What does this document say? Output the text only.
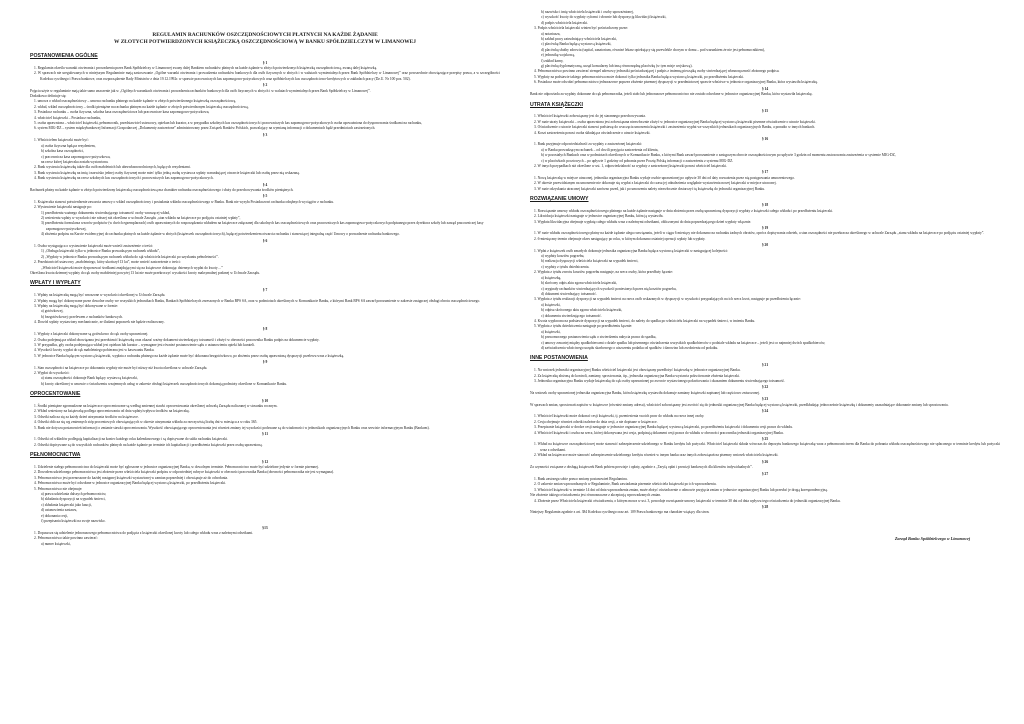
REGULAMIN RACHUNKÓW OSZCZĘDNOŚCIOWYCH PŁATNYCH NA KAŻDE ŻĄDANIE
W ZŁOTYCH POTWIERDZONYCH KSIĄŻECZKĄ OSZCZĘDNOŚCIOWĄ W BANKU SPÓŁDZIELCZYM W LIMANOWEJ
POSTANOWIENIA OGÓLNE
§ 1

1. Regulamin określa warunki otwierania i prowadzenia przez Bank Spółdzielczy w Limanowej zwany dalej Bankiem rachunków płatnych na każde żądanie w złotych potwierdzonych książeczką oszczędnościową, zwaną dalej książeczką.

2. W sprawach nie uregulowanych w niniejszym Regulaminie mają zastosowanie „Ogólne warunki otwierania i prowadzenia rachunków bankowych dla osób fizycznych w złotych i w walutach wymienialnych przez Bank Spółdzielczy w Limanowej” oraz powszechnie obowiązujące przepisy prawa, a w szczególności Kodeksu cywilnego i Prawa bankowe, oraz rozporządzenie Rady Ministrów z dnia 19.12.1992r. w sprawie pracowniczych kas zapomogowo-pożyczkowych oraz spółdzielczych kas oszczędnościowo-kredytowych w zakładach pracy (Dz.U. Nr 100 poz. 502).

§ 2

Pojęcia użyte w regulaminie mają takie samo znaczenie jak w „Ogólnych warunkach otwierania i prowadzenia rachunków bankowych dla osób fizycznych w złotych i w walutach wymienialnych przez Bank Spółdzielczy w Limanowej”.

Dodatkowo definiuje się:

1. umowa o wkład oszczędnościowy – umowa rachunku płatnego na każde żądanie w złotych potwierdzonego książeczką oszczędnościową,

2. wkład, wkład oszczędnościowy – środki pieniężne na rachunku płatnym na każde żądanie w złotych potwierdzonym książeczką oszczędnościową,

3. Posiadacz rachunku – osoba fizyczna, szkolna kasa oszczędnościowa lub pracownicze kasa zapomogowo-pożyczkowa,

4. właściciel książeczki – Posiadacz rachunku,

5. osoba uprawniona – właściciel książeczki, pełnomocnik, przedstawiciel ustawowy, opiekun lub kurator, a w przypadku szkolnych kas oszczędnościowych i pracowniczych kas zapomogowo-pożyczkowych osoba upoważniona do dysponowania środkami na rachunku,

6. system MIG-DZ – system międzybankowej Informacji Gospodarczej „Dokumenty zastrzeżone” administrowany przez Związek Banków Polskich, pozwalający na wymianę informacji o dokumentach bądź przedmiotach zastrzeżonych.

§ 3

1. Właścicielem książeczki może być:

a) osoba fizyczna będąca rezydentem,

b) szkolna kasa oszczędności,

c) pracownicza kasa zapomogowo-pożyczkowa,

na rzecz której książeczka została wystawiona.

2. Bank wystawia książeczkę także dla osób małoletnich lub ubezwłasnowolnionych, będących rezydentami.

3. Bank wystawia książeczkę na imię i nazwisko jednej osoby fizycznej może mieć tylko jedną osobę wystawca wpłaty warunkującej otwarcie książeczki lub osobę przez nią wskazaną.

4. Bank wystawia książeczkę na rzecz szkolnych kas oszczędnościowych i pracowniczych kas zapomogowo-pożyczkowych.

§ 4

Rachunek płatny na każde żądanie w złotych potwierdzony książeczką oszczędnościową ma charakter rachunku oszczędnościowego i służy do przechowywania środków pieniężnych.

§ 5

1. Książeczka stanowi potwierdzenie zawarcia umowy o wkład oszczędnościowy i posiadania wkładu oszczędnościowego w Banku. Bank nie wysyła Posiadaczowi rachunku odrębnych wyciągów z rachunku.

2. Wystawienie książeczki następuje po:

1) przedłożeniu ważnego dokumentu stwierdzającego tożsamość osoby wnoszącej wkład,

2) wniesieniu wpłaty w wysokości nie niższej niż określona w uchwale Zarządu „stan wkładu na książeczce po podjęciu ostatniej wpłaty”,

3) przedłożeniu formularza wzorów podpisów (w dwóch egzemplarzach) osób uprawnionych do rozporządzania wkładem na książeczce załączanej dla szkolnych kas oszczędnościowych oraz pracowniczych kas zapomogowo-pożyczkowych podpisanego przez dyrektora szkoły lub zarząd pracowniczej kasy zapomogowo-pożyczkowej,

4) złożenia podpisu na Karcie ewidencyjnej do rachunku płatnych na każde żądanie w złotych (książeczek oszczędnościowych), będącej potwierdzeniem otwarcia rachunku i stanowiącej integralną część Umowy o prowadzenie rachunku bankowego.

§ 6

1. Osoba występująca o wystawienie książeczki może wnieść zastrzeżenie o treści:

1) „Obsługa książeczki tylko w jednostce Banku prowadzącym rachunek wkładu”,

2) „Wypłaty w jednostce Banku prowadzącym rachunek wkładu do rąk właściciela książeczki po uzyskaniu pełnoletności”.

2. Przedstawiciel ustawowy „małoletniego, który ukończył 13 lat”, może wnieść zastrzeżenie o treści:

„Właściciel książeczki może dysponować środkami znajdującymi się na książeczce dokonując dziennych wypłat do kwoty…”

Określona kwota dziennej wypłaty do rąk osoby małoletniej powyżej 13 lat nie może przekroczyć wysokości kwoty maksymalnej podanej w Uchwale Zarządu.

WPŁATY I WYPŁATY
§ 7

1. Wpłaty na książeczkę mogą być wnoszone w wysokości określonej w Uchwale Zarządu.

2. Wpłaty mogą być dokonywane przez dowolne osoby we wszystkich jednostkach Banku, Bankach Spółdzielczych zrzeszonych w Banku BPS SA, oraz w podmiotach określonych w Komunikacie Banku, z którymi Bank BPS SA zawarł porozumienie w zakresie zastępczej obsługi obrotu oszczędnościowego.

3. Wpłaty na książeczkę mogą być dokonywane w formie:

a) gotówkowej,

b) bezgotówkowej: przelewem z rachunków bankowych.

4. Dowód wpłaty wystawiony mechanicznie, ze śladami poprawek nie będzie realizowany.

§ 8

1. Wypłaty z książeczki dokonywane są gotówkowo do rąk osoby uprawnionej.

2. Osoba podejmująca wkład obowiązana jest przedstawić książeczkę oraz okazać ważny dokument stwierdzający tożsamość i złożyć w obecności pracownika Banku podpis na dokumencie wypłaty.

3. W przypadku, gdy osoba podejmująca wkład jest opiekun lub kurator – wymagane jest również postanowienie sądu o ustanowieniu opieki lub kurateli.

4. Wysokość kwoty wypłat do rąk małoletniego pobierana jest w kasowaniu Banku.

5. W jednostce Banku będącym wystawcą książeczki, wypłata z rachunku płatnego na każde żądanie może być dokonana bezgotówkowo, po złożeniu przez osobę uprawnioną dyspozycji przelewu wraz z książeczką.

§ 9

1. Stan oszczędności na książeczce po dokonaniu wypłaty nie może być niższy niż kwota określona w uchwale Zarządu.

2. Wypłat do wysokości:

a) stanu oszczędności dokonuje Bank będący wystawcą książeczki,

b) kwoty określonej w umowie o świadczeniu wzajemnych usług w zakresie obsługi książeczek oszczędnościowych dokonują podmioty określone w Komunikacie Banku.

OPROCENTOWANIE
§ 10

1. Środki pieniężne zgromadzone na książeczce oprocentowane są według zmiennej stawki oprocentowania określonej uchwałą Zarządu naliczanej w stosunku rocznym.

2. Wkład wniesiony na książeczkę podlega oprocentowaniu od dnia wpłaty/wpływu środków na książeczkę.

3. Odsetki nalicza się za każdy dzień utrzymania środków na książeczce.

4. Odsetki oblicza się wg zmiennych stóp procentowych obowiązujących w okresie utrzymania wkładu za rzeczywistą liczbę dni w miesiącu a w roku 365.

5. Bank nie dotycza postanowień informacji o zmianie stawki oprocentowania. Wysokość obowiązującego oprocentowania jest również zmiany tej wysokości podawane są do wiadomości w jednostkach organizacyjnych Banku oraz serwisie informacyjnym Banku (Bankom).

§ 11

1. Odsetki od wkładów podlegają kapitalizacji na koniec każdego roku kalendarzowego i są dopisywane do salda rachunku książeczki.

2. Odsetki dopisywane są do wszystkich rachunków płatnych na każde żądanie po terminie ich kapitalizacji i przedłożenia książeczki przez osobę uprawnioną.

PEŁNOMOCNICTWA
§ 12

1. Udzielenie stałego pełnomocnictwa do książeczki może być zgłoszone w jednostce organizacyjnej Banku, w dowolnym terminie. Pełnomocnictwo może być udzielone jedynie w formie pisemnej.

2. Dowodem udzielonego pełnomocnictwa jest złożenie przez właściciela książeczki podpisu w odpowiedniej rubryce książeczki w obecności pracownika Banku (obecności pełnomocnika nie jest wymagana).

3. Pełnomocnictwo jest przenoszone do każdej następnej książeczki wystawionej w zamian poprzedniej i obowiązuje aż do odwołania.

4. Pełnomocnictwo może być odwołane w jednostce organizacyjnej Banku będącej wystawcą książeczki, po przedłożeniu książeczki.

5. Pełnomocnictwo nie obejmuje:

a) prawa udzielania dalszych pełnomocnictw,

b) składania dyspozycji na wypadek śmierci,

c) składania książeczki jako kaucji,

d) ustanowienia zastawu,

e) dokonania cesji,

f) przepisania książeczki na swoje nazwisko.

§13

1. Dopuszcza się udzielenie jednorazowego pełnomocnictwa do podjęcia z książeczki określonej kwoty lub całego wkładu wraz z należnymi odsetkami.

2. Pełnomocnictwo takie powinno zawierać:

a) numer książeczki,

b) nazwisko i imię właściciela książeczki i osoby upoważnionej,

c) wysokość kwoty do wypłaty cyframi i słownie lub dyspozycję likwidacji książeczki,

d) podpis właściciela książeczki.

3. Podpis właściciela książeczki winien być poświadczony przez:

a) notariusza,

b) zakład pracy zatrudniający właściciela książeczki,

c) placówkę Banku będącą wystawcą książeczki,

d) placówkę służby zdrowia (szpital, sanatorium, również lekarz opiekujący się przewlekle chorym w domu – pod warunkiem że nie jest pełnomocnikiem),

e) jednostkę wojskową,

f) zakład karny,

g) placówkę dyplomatyczną, urząd konsularny lub inną równorzędną placówkę (w tym misje wojskową).

4. Pełnomocnictwo powinno zawierać stempel adresowy jednostki poświadczającej i podpis z imienną pieczątką osoby stwierdzającej własnoręczność złożonego podpisu.

5. Wypłaty na podstawie takiego pełnomocnictwa może dokonać tylko jednostka Banku będąca wystawcą książeczki, po przedłożeniu książeczki.

6. Posiadacz może odwołać pełnomocnictwo jednorazowe poprzez złożenie pisemnej dyspozycji w przedmiotowej sprawie właściwe w jednostce organizacyjnej Banku, która wystawiła książeczkę.

§ 14

Bank nie odpowiada za wypłaty dokonane do rąk pełnomocnika, jeżeli stało lub jednorazowe pełnomocnictwo nie zostało odwołane w jednostce organizacyjnej Banku, która wystawiła książeczkę.

UTRATA KSIĄŻECZKI
§ 15

1. Właściciel książeczki zobowiązany jest do jej starannego przechowywania.

2. W razie utraty książeczki – osoba uprawniona jest zobowiązana niezwłocznie zlożyć w jednostce organizacyjnej Banku będącej wystawcą książeczki pisemne oświadczenie o utracie książeczki.

3. Oświadczenie o utracie książeczki stanowi podstawę do wszczęcia umorzenia książeczki i zastrzeżenia wypłat we wszystkich jednostkach organizacyjnych Banku, a ponadto w innych bankach.

4. Koszt zastrzeżenia ponosi osoba składająca oświadczenie o utracie książeczki.

§ 16

1. Bank przyjmuje odpowiedzialność za wypłaty z zastrzeżonej książeczki:

a) w Banku prowadzącym rachunek – od chwili przyjęcia zastrzeżenia od klienta,

b) w pozostałych Bankach oraz w podmiotach określonych w Komunikacie Banku, z którymi Bank zawarł porozumienie o zastępczym obrocie oszczędnościowym po upływie 3 godzin od momentu zastosowania zastrzeżenia w systemie MIG-DZ,

c) w placówkach pocztowych – po upływie 1 godziny od pobrania przez Pocztę Polską informacji o zastrzeżeniu z systemu MIG-DZ.

2. W innych przypadkach niż określone w ust. 1, odpowiedzialność za wypłaty z zastrzeżonej książeczki ponosi właściciel książeczki.

§ 17

1. Nową książeczkę w miejsce utraconej, jednostka organizacyjna Banku wydaje osobie uprawnionej po upływie 30 dni od daty rozważenia przez nią postępowania umorzeniowego.

2. W okresie przewidzianym na umorzenie nie dokonuje się wypłat z książeczki do czasu jej odnalezienia względnie wystawienia nowej książeczki w miejsce utraconej.

3. W razie odzyskania utraconej książeczki zarówno przed, jak i po umorzeniu należy niezwłocznie dostarczyć tę książeczkę do jednostki organizacyjnej Banku.

ROZWIĄZANIE UMOWY
§ 18

1. Rozwiązanie umowy wkładu oszczędnościowego płatnego na każde żądanie następuje w dniu złożenia przez osobę uprawnioną dyspozycji wypłaty z książeczki całego wkładu i po przedłożeniu książeczki.

2. Likwidacja książeczki następuje w jednostce organizacyjnej Banku, która ją wystawiła.

3. Wypłata likwidacyjna obejmuje wypłatę całego wkładu wraz z należnymi odsetkami, obliczonymi do dnia poprzedzającego dzień wypłaty włącznie.

§ 19

1. W razie wkładu oszczędnościowego płatny na każde żądanie ulega rozwiązaniu, jeżeli w ciągu 6 miesięcy nie dokonano na rachunku żadnych obrotów, oprócz dopisywania odsetek, a stan oszczędności nie przekracza określonego w uchwale Zarządu „stanu wkładu na książeczce po podjęciu ostatniej wypłaty”.

2. 6-miesięczny termin obejmuje okres następujący po roku, w którym dokonano ostatniej operacji wpłaty lub wypłaty.

§ 20

1. Wpłat z książeczek osób zmarłych dokonuje jednostka organizacyjna Banku będąca wystawcą książeczki w następującej kolejności:

a) wypłaty kosztów pogrzebu,

b) realizacja dyspozycji właściciela książeczki na wypadek śmierci,

c) wypłaty z tytułu dziedziczenia.

2. Wypłata z tytułu zwrotu kosztów pogrzebu następuje, na rzecz osoby, która przedłoży łącznie:

a) książeczkę,

b) skrócony odpis aktu zgonu właściciela książeczki,

c) oryginały rachunków stwierdzających wysokość poniesionych przez nią kosztów pogrzebu,

d) dokument stwierdzający tożsamość.

3. Wypłata z tytułu realizacji dyspozycji na wypadek śmierci na rzecz osób wskazanych w dyspozycji w wysokości przypadających na ich rzecz kwot, następuje po przedłożeniu łącznie:

a) książeczki,

b) odpisu skróconego aktu zgonu właściciela książeczki,

c) dokumentu stwierdzającego tożsamość.

4. Kwota wypłacona na podstawie dyspozycji na wypadek śmierci, do należy do spadku po właścicielu książeczki na wypadek śmierci, w imieniu Banku.

5. Wypłata z tytułu dziedziczenia następuje po przedłożeniu łącznie:

a) książeczki,

b) prawomocnego postanowienia sądu o stwierdzeniu nabycia prawa do spadku,

c) umowy zawartej między spadkobiercami o dziale spadku lub pisemnego oświadczenia wszystkich spadkobierców o podziale wkładu na książeczce – jeżeli jest co najmniej dwóch spadkobierców,

d) zaświadczenia właściwego urzędu skarbowego o uiszczeniu podatku od spadków i darowizn lub zwolnieniu od podatku.

INNE POSTANOWIENIA
§ 21

1. Na wniosek jednostki organizacyjnej Banku właściciel książeczki jest obowiązany przedłożyć książeczkę w jednostce organizacyjnej Banku.

2. Za książeczkę złożoną do kontroli, zamiany, sprostowania, itp., jednostka organizacyjna Banku wystawia pokwitowanie złożenia książeczki.

3. Jednostka organizacyjna Banku wydaje książeczkę do rąk osoby uprawnionej po zwrocie wystawionego pokwitowania i okazaniem dokumentu stwierdzającego tożsamość.

§ 22

Na wniosek osoby uprawnionej jednostka organizacyjna Banku, która książeczkę wystawiła dokonuje zamiany książeczki zapisanej lub częściowo zniszczonej.

§ 23

W sprawach zmian, sprostowań zapisów w książeczce (również zmiany adresu), właściciel zobowiązany jest zwrócić się do jednostki organizacyjnej Banku będącej wystawcą książeczki, przedkładając jednocześnie książeczkę i dokumenty uzasadniające dokonanie zmiany lub sprostowania.

§ 24

1. Właściciel książeczki może dokonać cesji książeczki, tj. przeniesienia swoich praw do wkładu na rzecz innej osoby.

2. Cesja obejmuje również odsetki należne do dnia cesji, a nie dopisane w książeczce.

3. Przepisanie książeczki w drodze cesji następuje w jednostce organizacyjnej Banku będącej wystawcą książeczki, po przedłożeniu książeczki i dokumentu cesji prawa do wkładu.

4. Właściciel książeczki i osoba na rzecz, której dokonywana jest cesja, podpisują dokument cesji prawa do wkładu w obecności pracownika jednostki organizacyjnej Banku.

§ 25

1. Wkład na książeczce oszczędnościowej może stanowić zabezpieczenie udzielonego w Banku kredytu lub pożyczki. Właściciel książeczki składa wówczas do depozytu bankowego książeczkę wraz z pełnomocnictwem dla Banku do pobrania wkładu oszczędnościowego nie spłaconego w terminie kredytu lub pożyczki wraz z odsetkami.

2. Wkład na książeczce może stanowić zabezpieczenie udzielonego kredytu również w innym banku oraz innych zobowiązań na pisemny wniosek właściciela książeczki.

§ 26

Za czynności związane z obsługą książeczek Bank pobiera prowizje i opłaty, zgodnie z „Taryfą opłat i prowizji bankowych dla klientów indywidualnych”.

§ 27

1. Bank zastrzega sobie prawo zmiany postanowień Regulaminu.

2. O zakresie zmian wprowadzanych w Regulaminie, Bank zawiadamia pisemnie właściciela książeczki po ich wprowadzeniu.

3. Właściciel książeczki w terminie 14 dni od dnia wprowadzenia zmian, może złożyć oświadczenie o odmowie przyjęcia zmian w jednostce organizacyjnej Banku lub przesłać je drogą korespondencyjną.

Nie złożenie takiego oświadczenia jest równoznaczne z akceptacją wprowadzanych zmian.

4. Złożenie przez Właściciela książeczki oświadczenia, o którym mowa w ust. 3, powoduje rozwiązanie umowy książeczki w terminie 30 dni od dnia wpływu tego oświadczenia do jednostki organizacyjnej Banku.

§ 28

Niniejszy Regulamin zgodnie z art. 384 Kodeksu cywilnego oraz art. 109 Prawa bankowego ma charakter wiążący dla stron.

Zarząd Banku Spółdzielczego w Limanowej
